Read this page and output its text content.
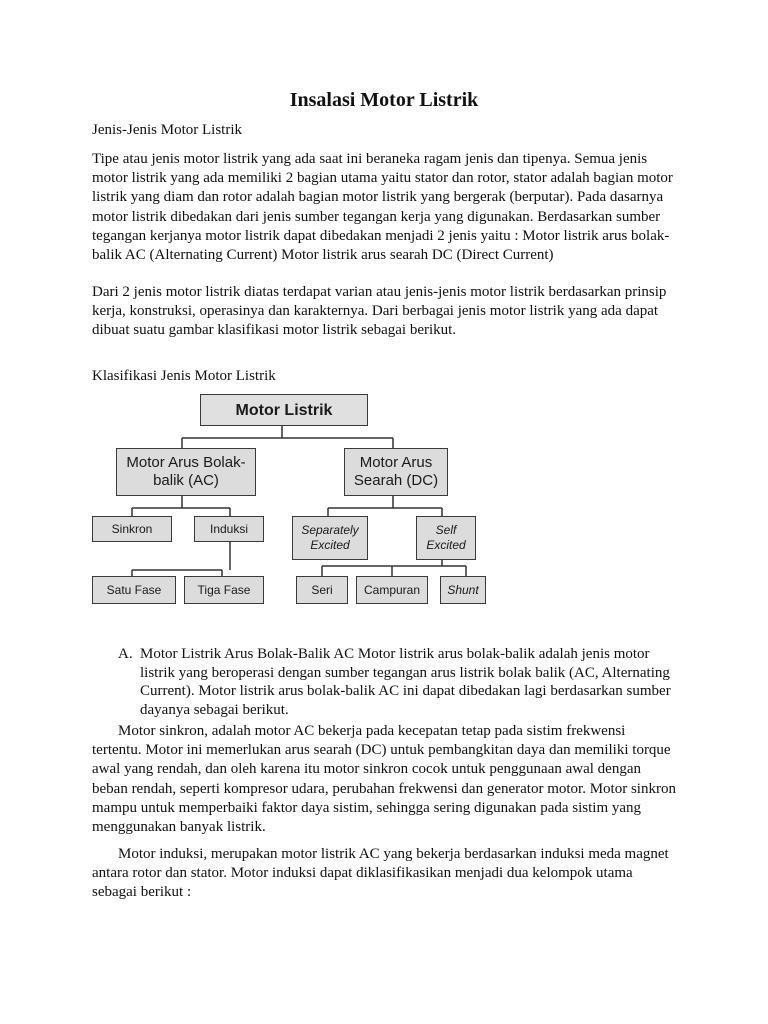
Insalasi Motor Listrik
Jenis-Jenis Motor Listrik

Tipe atau jenis motor listrik yang ada saat ini beraneka ragam jenis dan tipenya. Semua jenis motor listrik yang ada memiliki 2 bagian utama yaitu stator dan rotor, stator adalah bagian motor listrik yang diam dan rotor adalah bagian motor listrik yang bergerak (berputar). Pada dasarnya motor listrik dibedakan dari jenis sumber tegangan kerja yang digunakan. Berdasarkan sumber tegangan kerjanya motor listrik dapat dibedakan menjadi 2 jenis yaitu : Motor listrik arus bolak-balik AC (Alternating Current) Motor listrik arus searah DC (Direct Current)

Dari 2 jenis motor listrik diatas terdapat varian atau jenis-jenis motor listrik berdasarkan prinsip kerja, konstruksi, operasinya dan karakternya. Dari berbagai jenis motor listrik yang ada dapat dibuat suatu gambar klasifikasi motor listrik sebagai berikut.

Klasifikasi Jenis Motor Listrik
Motor Listrik
Motor Arus Bolak-
balik (AC)
Motor Arus
Searah (DC)
Sinkron	Induksi	Separately
Excited
Self
Excited
Satu Fase	Tiga Fase	Seri	Campuran Shunt
A. Motor Listrik Arus Bolak-Balik AC Motor listrik arus bolak-balik adalah jenis motor listrik yang beroperasi dengan sumber tegangan arus listrik bolak balik (AC, Alternating Current). Motor listrik arus bolak-balik AC ini dapat dibedakan lagi berdasarkan sumber dayanya sebagai berikut.

Motor sinkron, adalah motor AC bekerja pada kecepatan tetap pada sistim frekwensi tertentu. Motor ini memerlukan arus searah (DC) untuk pembangkitan daya dan memiliki torque awal yang rendah, dan oleh karena itu motor sinkron cocok untuk penggunaan awal dengan beban rendah, seperti kompresor udara, perubahan frekwensi dan generator motor. Motor sinkron mampu untuk memperbaiki faktor daya sistim, sehingga sering digunakan pada sistim yang menggunakan banyak listrik.

Motor induksi, merupakan motor listrik AC yang bekerja berdasarkan induksi meda magnet antara rotor dan stator. Motor induksi dapat diklasifikasikan menjadi dua kelompok utama sebagai berikut :
